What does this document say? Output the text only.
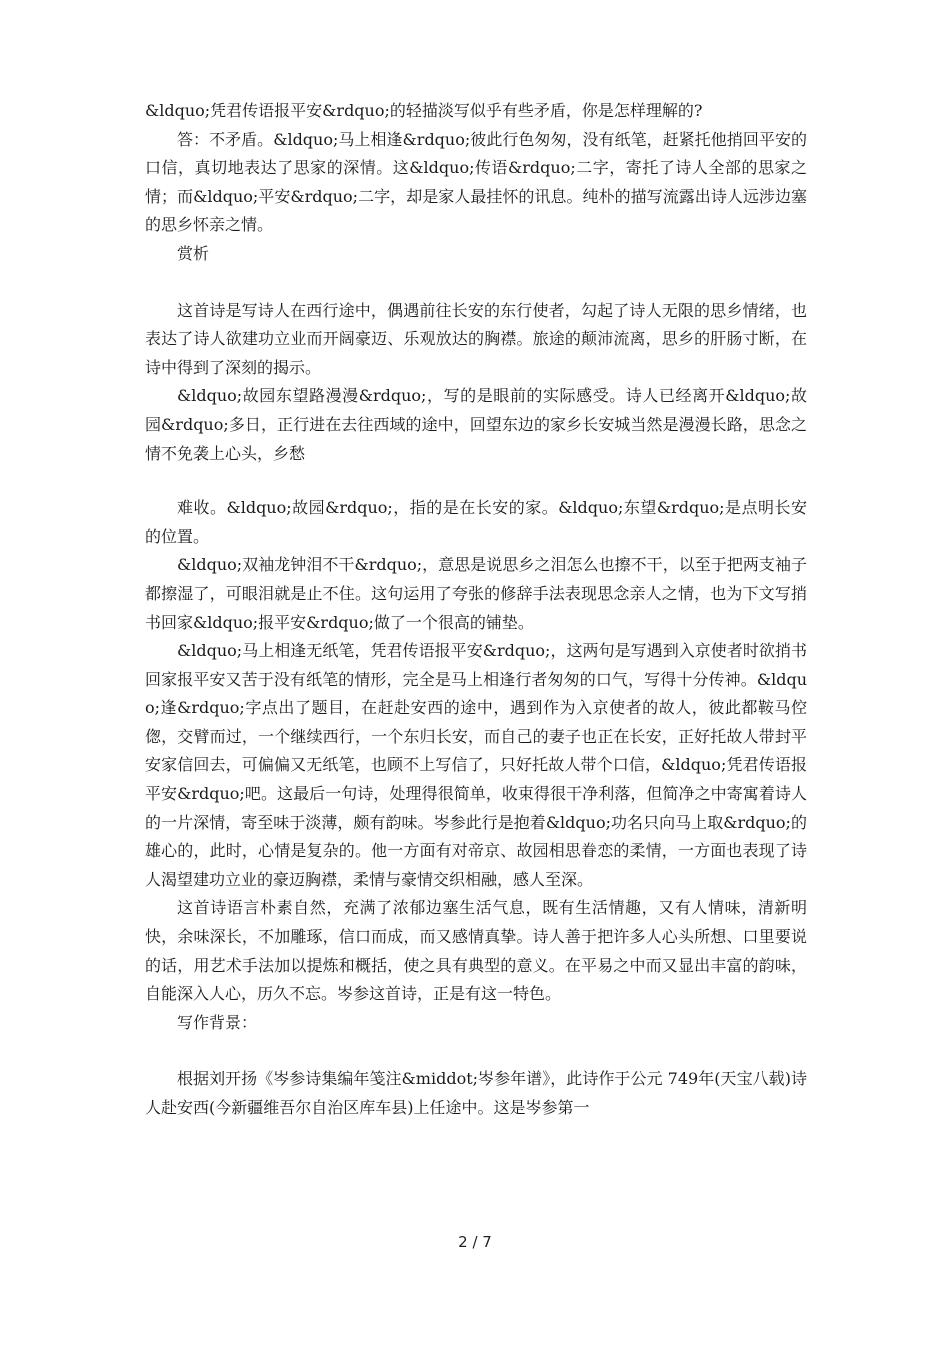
&ldquo;凭君传语报平安&rdquo;的轻描淡写似乎有些矛盾，你是怎样理解的?

答：不矛盾。&ldquo;马上相逢&rdquo;彼此行色匆匆，没有纸笔，赶紧托他捎回平安的口信，真切地表达了思家的深情。这&ldquo;传语&rdquo;二字，寄托了诗人全部的思家之情；而&ldquo;平安&rdquo;二字，却是家人最挂怀的讯息。纯朴的描写流露出诗人远涉边塞的思乡怀亲之情。

赏析

这首诗是写诗人在西行途中，偶遇前往长安的东行使者，勾起了诗人无限的思乡情绪，也表达了诗人欲建功立业而开阔豪迈、乐观放达的胸襟。旅途的颠沛流离，思乡的肝肠寸断，在诗中得到了深刻的揭示。

&ldquo;故园东望路漫漫&rdquo;，写的是眼前的实际感受。诗人已经离开&ldquo;故园&rdquo;多日，正行进在去往西域的途中，回望东边的家乡长安城当然是漫漫长路，思念之情不免袭上心头，乡愁

难收。&ldquo;故园&rdquo;，指的是在长安的家。&ldquo;东望&rdquo;是点明长安的位置。

&ldquo;双袖龙钟泪不干&rdquo;，意思是说思乡之泪怎么也擦不干，以至于把两支袖子都擦湿了，可眼泪就是止不住。这句运用了夸张的修辞手法表现思念亲人之情，也为下文写捎书回家&ldquo;报平安&rdquo;做了一个很高的铺垫。

&ldquo;马上相逢无纸笔，凭君传语报平安&rdquo;，这两句是写遇到入京使者时欲捎书回家报平安又苦于没有纸笔的情形，完全是马上相逢行者匆匆的口气，写得十分传神。&ldquo;逢&rdquo;字点出了题目，在赶赴安西的途中，遇到作为入京使者的故人，彼此都鞍马倥偬，交臂而过，一个继续西行，一个东归长安，而自己的妻子也正在长安，正好托故人带封平安家信回去，可偏偏又无纸笔，也顾不上写信了，只好托故人带个口信，&ldquo;凭君传语报平安&rdquo;吧。这最后一句诗，处理得很简单，收束得很干净利落，但简净之中寄寓着诗人的一片深情，寄至味于淡薄，颇有韵味。岑参此行是抱着&ldquo;功名只向马上取&rdquo;的雄心的，此时，心情是复杂的。他一方面有对帝京、故园相思眷恋的柔情，一方面也表现了诗人渴望建功立业的豪迈胸襟，柔情与豪情交织相融，感人至深。

这首诗语言朴素自然，充满了浓郁边塞生活气息，既有生活情趣，又有人情味，清新明快，余味深长，不加雕琢，信口而成，而又感情真挚。诗人善于把许多人心头所想、口里要说的话，用艺术手法加以提炼和概括，使之具有典型的意义。在平易之中而又显出丰富的韵味，自能深入人心，历久不忘。岑参这首诗，正是有这一特色。

写作背景：

根据刘开扬《岑参诗集编年笺注&middot;岑参年谱》，此诗作于公元 749年(天宝八载)诗人赴安西(今新疆维吾尔自治区库车县)上任途中。这是岑参第一

2 / 7
